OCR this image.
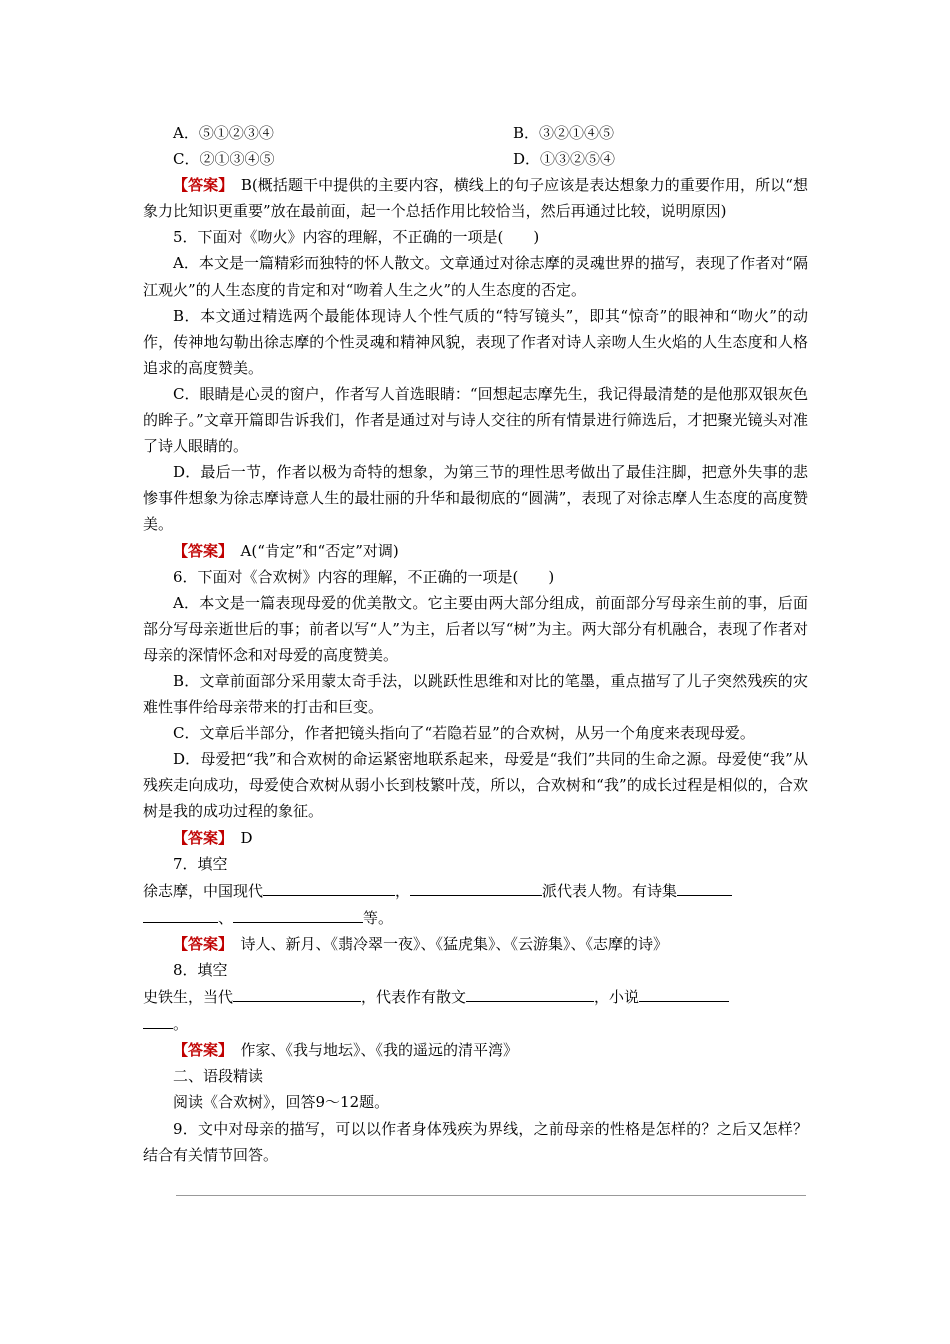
A．⑤①②③④	B．③②①④⑤
C．②①③④⑤	D．①③②⑤④

【答案】　 B(概括题干中提供的主要内容，横线上的句子应该是表达想象力的重要作用，所以“想象力比知识更重要”放在最前面，起一个总括作用比较恰当，然后再通过比较，说明原因)

5．下面对《吻火》内容的理解，不正确的一项是(　　)

A．本文是一篇精彩而独特的怀人散文。文章通过对徐志摩的灵魂世界的描写，表现了作者对“隔江观火”的人生态度的肯定和对“吻着人生之火”的人生态度的否定。

B．本文通过精选两个最能体现诗人个性气质的“特写镜头”，即其“惊奇”的眼神和“吻火”的动作，传神地勾勒出徐志摩的个性灵魂和精神风貌，表现了作者对诗人亲吻人生火焰的人生态度和人格追求的高度赞美。

C．眼睛是心灵的窗户，作者写人首选眼睛：“回想起志摩先生，我记得最清楚的是他那双银灰色的眸子。”文章开篇即告诉我们，作者是通过对与诗人交往的所有情景进行筛选后，才把聚光镜头对准了诗人眼睛的。

D．最后一节，作者以极为奇特的想象，为第三节的理性思考做出了最佳注脚，把意外失事的悲惨事件想象为徐志摩诗意人生的最壮丽的升华和最彻底的“圆满”，表现了对徐志摩人生态度的高度赞美。

【答案】　 A(“肯定”和“否定”对调)

6．下面对《合欢树》内容的理解，不正确的一项是(　　)

A．本文是一篇表现母爱的优美散文。它主要由两大部分组成，前面部分写母亲生前的事，后面部分写母亲逝世后的事；前者以写“人”为主，后者以写“树”为主。两大部分有机融合，表现了作者对母亲的深情怀念和对母爱的高度赞美。

B．文章前面部分采用蒙太奇手法，以跳跃性思维和对比的笔墨，重点描写了儿子突然残疾的灾难性事件给母亲带来的打击和巨变。

C．文章后半部分，作者把镜头指向了“若隐若显”的合欢树，从另一个角度来表现母爱。

D．母爱把“我”和合欢树的命运紧密地联系起来，母爱是“我们”共同的生命之源。母爱使“我”从残疾走向成功，母爱使合欢树从弱小长到枝繁叶茂，所以，合欢树和“我”的成长过程是相似的，合欢树是我的成功过程的象征。

【答案】　 D

7．填空

徐志摩，中国现代	，	派代表人物。有诗集
、	等。

【答案】　 诗人、新月、《翡冷翠一夜》、《猛虎集》、《云游集》、《志摩的诗》

8．填空

史铁生，当代	，代表作有散文	，小说
。

【答案】　 作家、《我与地坛》、《我的遥远的清平湾》

二、语段精读

阅读《合欢树》，回答9～12题。

9．文中对母亲的描写，可以以作者身体残疾为界线，之前母亲的性格是怎样的？之后又怎样？结合有关情节回答。
